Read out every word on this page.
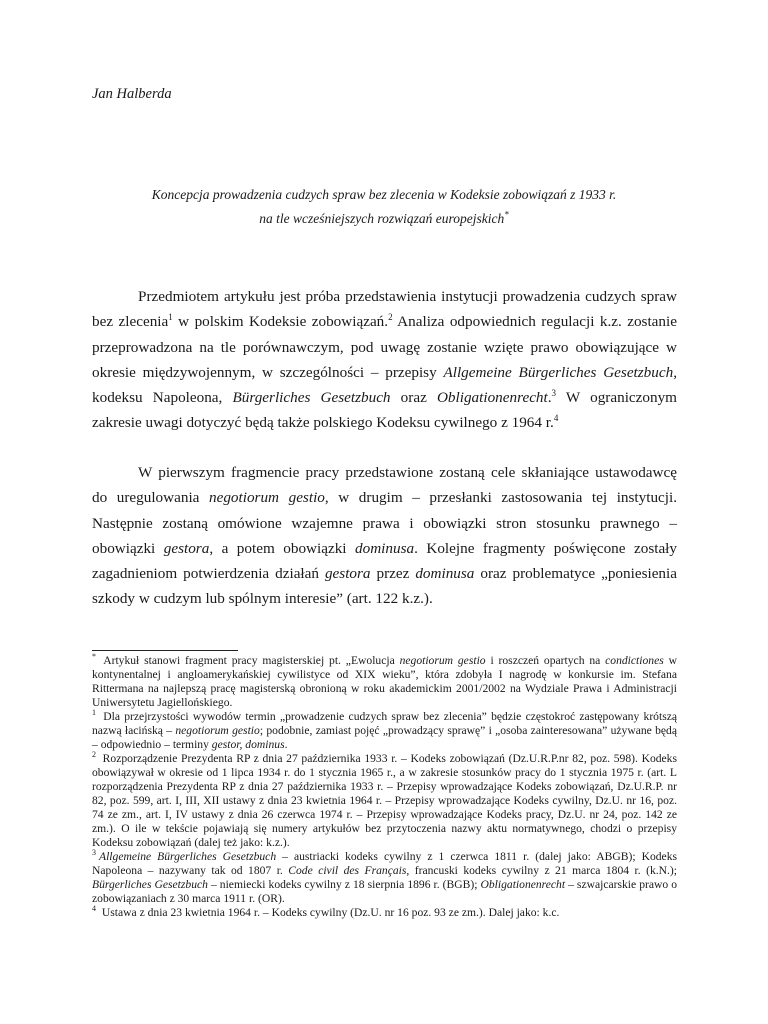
Jan Halberda
Koncepcja prowadzenia cudzych spraw bez zlecenia w Kodeksie zobowiązań z 1933 r.
na tle wcześniejszych rozwiązań europejskich*

Przedmiotem artykułu jest próba przedstawienia instytucji prowadzenia cudzych spraw bez zlecenia$^1$ w polskim Kodeksie zobowiązań.$^2$ Analiza odpowiednich regulacji k.z. zostanie przeprowadzona na tle porównawczym, pod uwagę zostanie wzięte prawo obowiązujące w okresie międzywojennym, w szczególności – przepisy Allgemeine Bürgerliches Gesetzbuch, kodeksu Napoleona, Bürgerliches Gesetzbuch oraz Obligationenrecht.$^3$ W ograniczonym zakresie uwagi dotyczyć będą także polskiego Kodeksu cywilnego z 1964 r.$^4$

W pierwszym fragmencie pracy przedstawione zostaną cele skłaniające ustawodawcę do uregulowania negotiorum gestio, w drugim – przesłanki zastosowania tej instytucji. Następnie zostaną omówione wzajemne prawa i obowiązki stron stosunku prawnego – obowiązki gestora, a potem obowiązki dominusa. Kolejne fragmenty poświęcone zostały zagadnieniom potwierdzenia działań gestora przez dominusa oraz problematyce „poniesienia szkody w cudzym lub spólnym interesie” (art. 122 k.z.).

* Artykuł stanowi fragment pracy magisterskiej pt. „Ewolucja negotiorum gestio i roszczeń opartych na condictiones w kontynentalnej i angloamerykańskiej cywilistyce od XIX wieku”, która zdobyła I nagrodę w konkursie im. Stefana Rittermana na najlepszą pracę magisterską obronioną w roku akademickim 2001/2002 na Wydziale Prawa i Administracji Uniwersytetu Jagiellońskiego.

$^1$ Dla przejrzystości wywodów termin „prowadzenie cudzych spraw bez zlecenia” będzie częstokroć zastępowany krótszą nazwą łacińską – negotiorum gestio; podobnie, zamiast pojęć „prowadzący sprawę” i „osoba zainteresowana” używane będą – odpowiednio – terminy gestor, dominus.

$^2$ Rozporządzenie Prezydenta RP z dnia 27 października 1933 r. – Kodeks zobowiązań (Dz.U.R.P.nr 82, poz. 598). Kodeks obowiązywał w okresie od 1 lipca 1934 r. do 1 stycznia 1965 r., a w zakresie stosunków pracy do 1 stycznia 1975 r. (art. L rozporządzenia Prezydenta RP z dnia 27 października 1933 r. – Przepisy wprowadzające Kodeks zobowiązań, Dz.U.R.P. nr 82, poz. 599, art. I, III, XII ustawy z dnia 23 kwietnia 1964 r. – Przepisy wprowadzające Kodeks cywilny, Dz.U. nr 16, poz. 74 ze zm., art. I, IV ustawy z dnia 26 czerwca 1974 r. – Przepisy wprowadzające Kodeks pracy, Dz.U. nr 24, poz. 142 ze zm.). O ile w tekście pojawiają się numery artykułów bez przytoczenia nazwy aktu normatywnego, chodzi o przepisy Kodeksu zobowiązań (dalej też jako: k.z.).

$^3$ Allgemeine Bürgerliches Gesetzbuch – austriacki kodeks cywilny z 1 czerwca 1811 r. (dalej jako: ABGB); Kodeks Napoleona – nazywany tak od 1807 r. Code civil des Français, francuski kodeks cywilny z 21 marca 1804 r. (k.N.); Bürgerliches Gesetzbuch – niemiecki kodeks cywilny z 18 sierpnia 1896 r. (BGB); Obligationenrecht – szwajcarskie prawo o zobowiązaniach z 30 marca 1911 r. (OR).

$^4$ Ustawa z dnia 23 kwietnia 1964 r. – Kodeks cywilny (Dz.U. nr 16 poz. 93 ze zm.). Dalej jako: k.c.
